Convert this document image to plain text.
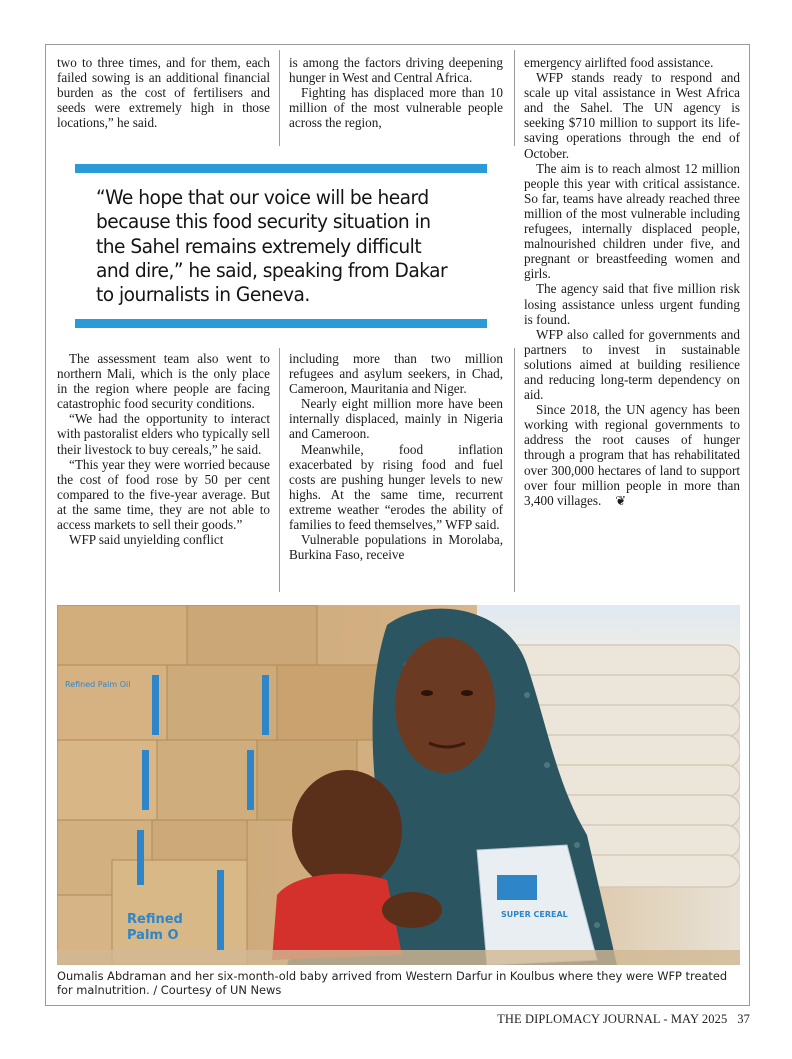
two to three times, and for them, each failed sowing is an additional financial burden as the cost of fertilisers and seeds were extremely high in those locations,” he said.

is among the factors driving deepening hunger in West and Central Africa.

Fighting has displaced more than 10 million of the most vulnerable people across the region,

emergency airlifted food assistance.

WFP stands ready to respond and scale up vital assistance in West Africa and the Sahel. The UN agency is seeking $710 million to support its life-saving operations through the end of October.

The aim is to reach almost 12 million people this year with critical assistance. So far, teams have already reached three million of the most vulnerable including refugees, internally displaced people, malnourished children under five, and pregnant or breastfeeding women and girls.

The agency said that five million risk losing assistance unless urgent funding is found.

WFP also called for governments and partners to invest in sustainable solutions aimed at building resilience and reducing long-term dependency on aid.

Since 2018, the UN agency has been working with regional governments to address the root causes of hunger through a program that has rehabilitated over 300,000 hectares of land to support over four million people in more than 3,400 villages. ❦

“We hope that our voice will be heard because this food security situation in the Sahel remains extremely difficult and dire,” he said, speaking from Dakar to journalists in Geneva.

The assessment team also went to northern Mali, which is the only place in the region where people are facing catastrophic food security conditions.

“We had the opportunity to interact with pastoralist elders who typically sell their livestock to buy cereals,” he said.

“This year they were worried because the cost of food rose by 50 per cent compared to the five-year average. But at the same time, they are not able to access markets to sell their goods.”

WFP said unyielding conflict

including more than two million refugees and asylum seekers, in Chad, Cameroon, Mauritania and Niger.

Nearly eight million more have been internally displaced, mainly in Nigeria and Cameroon.

Meanwhile, food inflation exacerbated by rising food and fuel costs are pushing hunger levels to new highs. At the same time, recurrent extreme weather “erodes the ability of families to feed themselves,” WFP said.

Vulnerable populations in Morolaba, Burkina Faso, receive

Refined
Palm O
Refined Palm Oil
SUPER CEREAL
Oumalis Abdraman and her six-month-old baby arrived from Western Darfur in Koulbus where they were WFP treated for malnutrition. / Courtesy of UN News
THE DIPLOMACY JOURNAL - MAY 2025 37
